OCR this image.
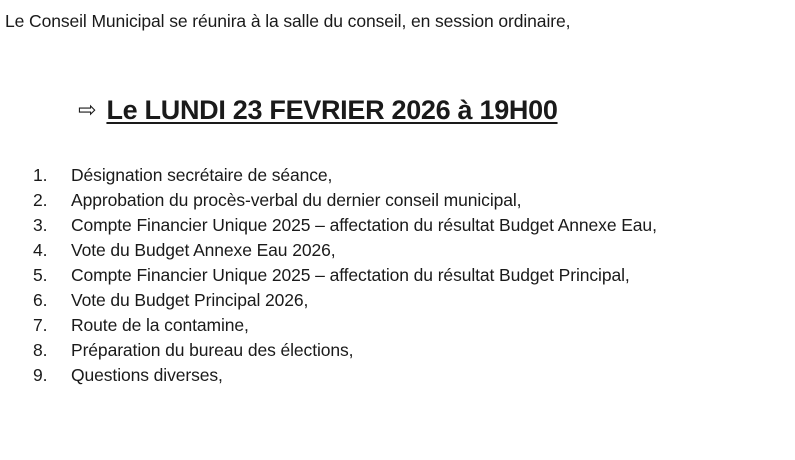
Le Conseil Municipal se réunira à la salle du conseil, en session ordinaire,
⇨ Le LUNDI 23 FEVRIER 2026 à 19H00
1.	Désignation secrétaire de séance,
2.	Approbation du procès-verbal du dernier conseil municipal,
3.	Compte Financier Unique 2025 – affectation du résultat Budget Annexe Eau,
4.	Vote du Budget Annexe Eau 2026,
5.	Compte Financier Unique 2025 – affectation du résultat Budget Principal,
6.	Vote du Budget Principal 2026,
7.	Route de la contamine,
8.	Préparation du bureau des élections,
9.	Questions diverses,
